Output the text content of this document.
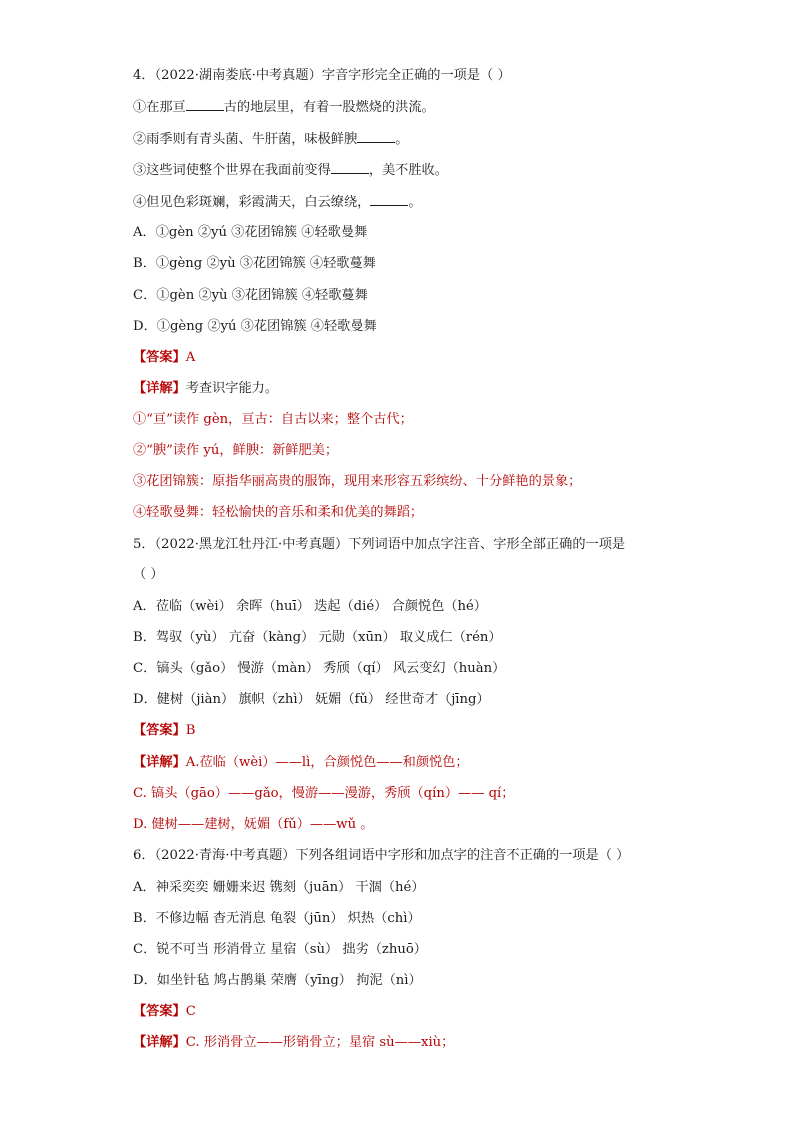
4．（2022·湖南娄底·中考真题）字音字形完全正确的一项是（ ）
①在那亘	古的地层里，有着一股燃烧的洪流。
②雨季则有青头菌、牛肝菌，味极鲜腴	。
③这些词使整个世界在我面前变得	，美不胜收。
④但见色彩斑斓，彩霞满天，白云缭绕，	。
A．①gèn ②yú ③花团锦簇 ④轻歌曼舞
B．①gèng ②yù ③花团锦簇 ④轻歌蔓舞
C．①gèn ②yù ③花团锦簇 ④轻歌蔓舞
D．①gèng ②yú ③花团锦簇 ④轻歌曼舞
【答案】A
【详解】考查识字能力。
①“亘”读作 gèn，亘古：自古以来；整个古代；
②“腴”读作 yú，鲜腴：新鲜肥美；
③花团锦簇：原指华丽高贵的服饰，现用来形容五彩缤纷、十分鲜艳的景象；
④轻歌曼舞：轻松愉快的音乐和柔和优美的舞蹈；
5．（2022·黑龙江牡丹江·中考真题）下列词语中加点字注音、字形全部正确的一项是
（ ）
A．莅临（wèi） 余晖（huī） 迭起（dié） 合颜悦色（hé）
B．驾驭（yù） 亢奋（kàng） 元勋（xūn） 取义成仁（rén）
C．镐头（gǎo） 慢游（màn） 秀颀（qí） 风云变幻（huàn）
D．健树（jiàn） 旗帜（zhì） 妩媚（fǔ） 经世奇才（jīng）
【答案】B
【详解】A.莅临（wèi）——lì，合颜悦色——和颜悦色；
C. 镐头（gāo）——gǎo，慢游——漫游，秀颀（qín）—— qí；
D. 健树——建树，妩媚（fǔ）——wǔ 。
6．（2022·青海·中考真题）下列各组词语中字形和加点字的注音不正确的一项是（ ）
A．神采奕奕 姗姗来迟 镌刻（juān） 干涸（hé）
B．不修边幅 杳无消息 龟裂（jūn） 炽热（chì）
C．锐不可当 形消骨立 星宿（sù） 拙劣（zhuō）
D．如坐针毡 鸠占鹊巢 荣膺（yīng） 拘泥（nì）
【答案】C
【详解】C. 形消骨立——形销骨立；星宿 sù——xiù；
